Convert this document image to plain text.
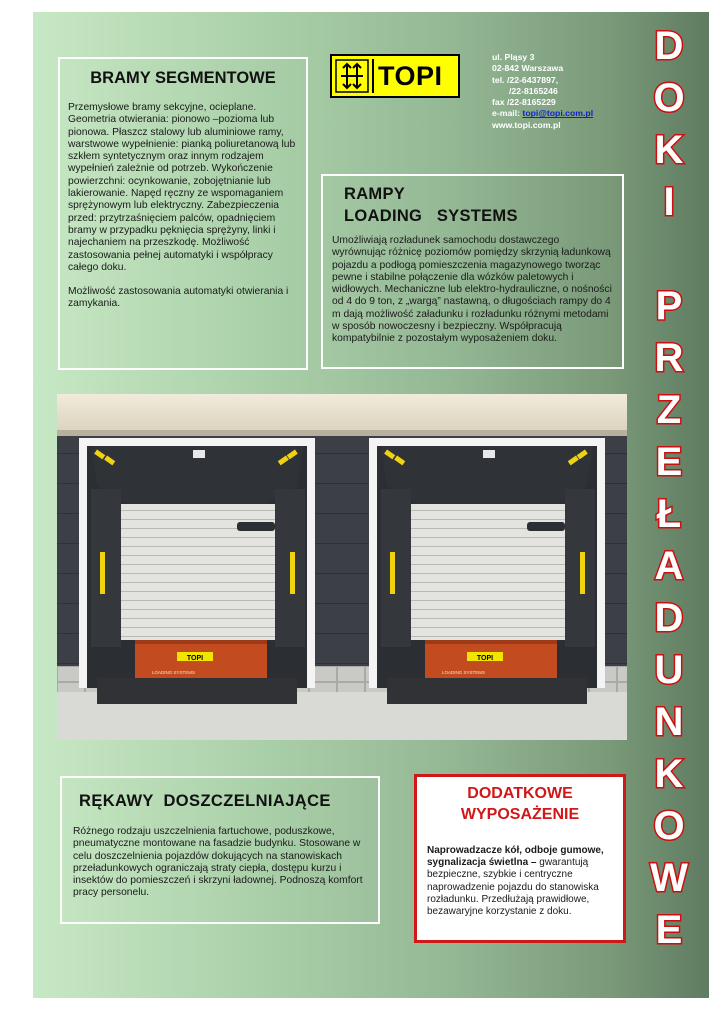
TOPI
ul. Pląsy 3
02-842 Warszawa
tel. /22-6437897,
/22-8165246
fax /22-8165229
e-mail: topi@topi.com.pl
www.topi.com.pl
BRAMY SEGMENTOWE

Przemysłowe bramy sekcyjne, ocieplane. Geometria otwierania: pionowo –pozioma lub pionowa. Płaszcz stalowy lub aluminiowe ramy, warstwowe wypełnienie: pianką poliuretanową lub szkłem syntetycznym oraz innym rodzajem wypełnień zależnie od potrzeb. Wykończenie powierzchni: ocynkowanie, zobojętnianie lub lakierowanie. Napęd ręczny ze wspomaganiem sprężynowym lub elektryczny. Zabezpieczenia przed: przytrzaśnięciem palców, opadnięciem bramy w przypadku pęknięcia sprężyny, linki i najechaniem na przeszkodę. Możliwość zastosowania pełnej automatyki i współpracy całego doku.

Możliwość zastosowania automatyki otwierania i zamykania.

RAMPY
LOADING   SYSTEMS

Umożliwiają rozładunek samochodu dostawczego wyrównując różnicę poziomów pomiędzy skrzynią ładunkową pojazdu a podłogą pomieszczenia magazynowego tworząc pewne i stabilne połączenie dla wózków paletowych i widłowych. Mechaniczne lub elektro-hydrauliczne, o nośności od 4 do 9 ton, z „wargą” nastawną, o długościach rampy do 4 m dają możliwość załadunku i rozładunku różnymi metodami w sposób nowoczesny i bezpieczny. Współpracują kompatybilnie z pozostałym wyposażeniem doku.

TOPI
LOADING SYSTEMS
TOPI
LOADING SYSTEMS
RĘKAWY  DOSZCZELNIAJĄCE

Różnego rodzaju uszczelnienia fartuchowe, poduszkowe, pneumatyczne montowane na fasadzie budynku. Stosowane w celu doszczelnienia pojazdów dokujących na stanowiskach przeładunkowych ograniczają straty ciepła, dostępu kurzu i insektów do pomieszczeń i skrzyni ładownej. Podnoszą komfort pracy personelu.

DODATKOWE
WYPOSAŻENIE

Naprowadzacze kół, odboje gumowe, sygnalizacja świetlna – gwarantują bezpieczne, szybkie i centryczne naprowadzenie pojazdu do stanowiska rozładunku. Przedłużają prawidłowe, bezawaryjne korzystanie z doku.

D
O
K
I
P
R
Z
E
Ł
A
D
U
N
K
O
W
E
